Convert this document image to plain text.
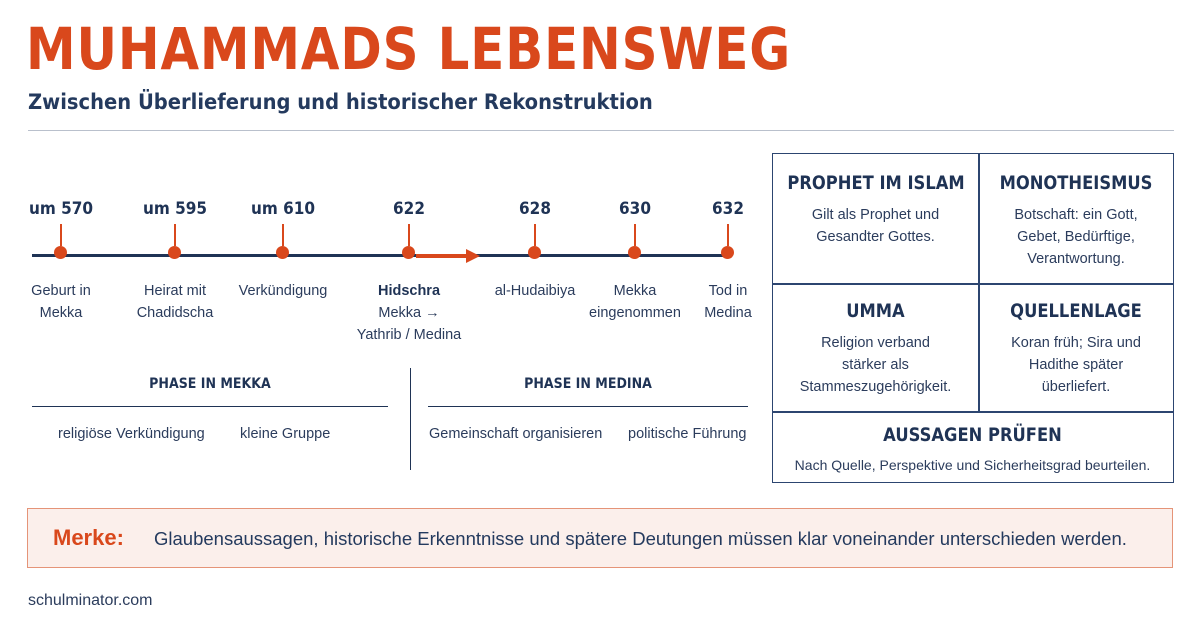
MUHAMMADS LEBENSWEG
Zwischen Überlieferung und historischer Rekonstruktion
um 570
Geburt in
Mekka
um 595
Heirat mit
Chadidscha
um 610
Verkündigung
622
Hidschra
Mekka →
Yathrib / Medina
628
al-Hudaibiya
630
Mekka
eingenommen
632
Tod in
Medina
PHASE IN MEKKA
religiöse Verkündigung kleine Gruppe
PHASE IN MEDINA
Gemeinschaft organisieren politische Führung
PROPHET IM ISLAM
Gilt als Prophet und
Gesandter Gottes.
MONOTHEISMUS
Botschaft: ein Gott,
Gebet, Bedürftige,
Verantwortung.
UMMA
Religion verband
stärker als
Stammeszugehörigkeit.
QUELLENLAGE
Koran früh; Sira und
Hadithe später
überliefert.
AUSSAGEN PRÜFEN
Nach Quelle, Perspektive und Sicherheitsgrad beurteilen.
Merke: Glaubensaussagen, historische Erkenntnisse und spätere Deutungen müssen klar voneinander unterschieden werden.
schulminator.com
